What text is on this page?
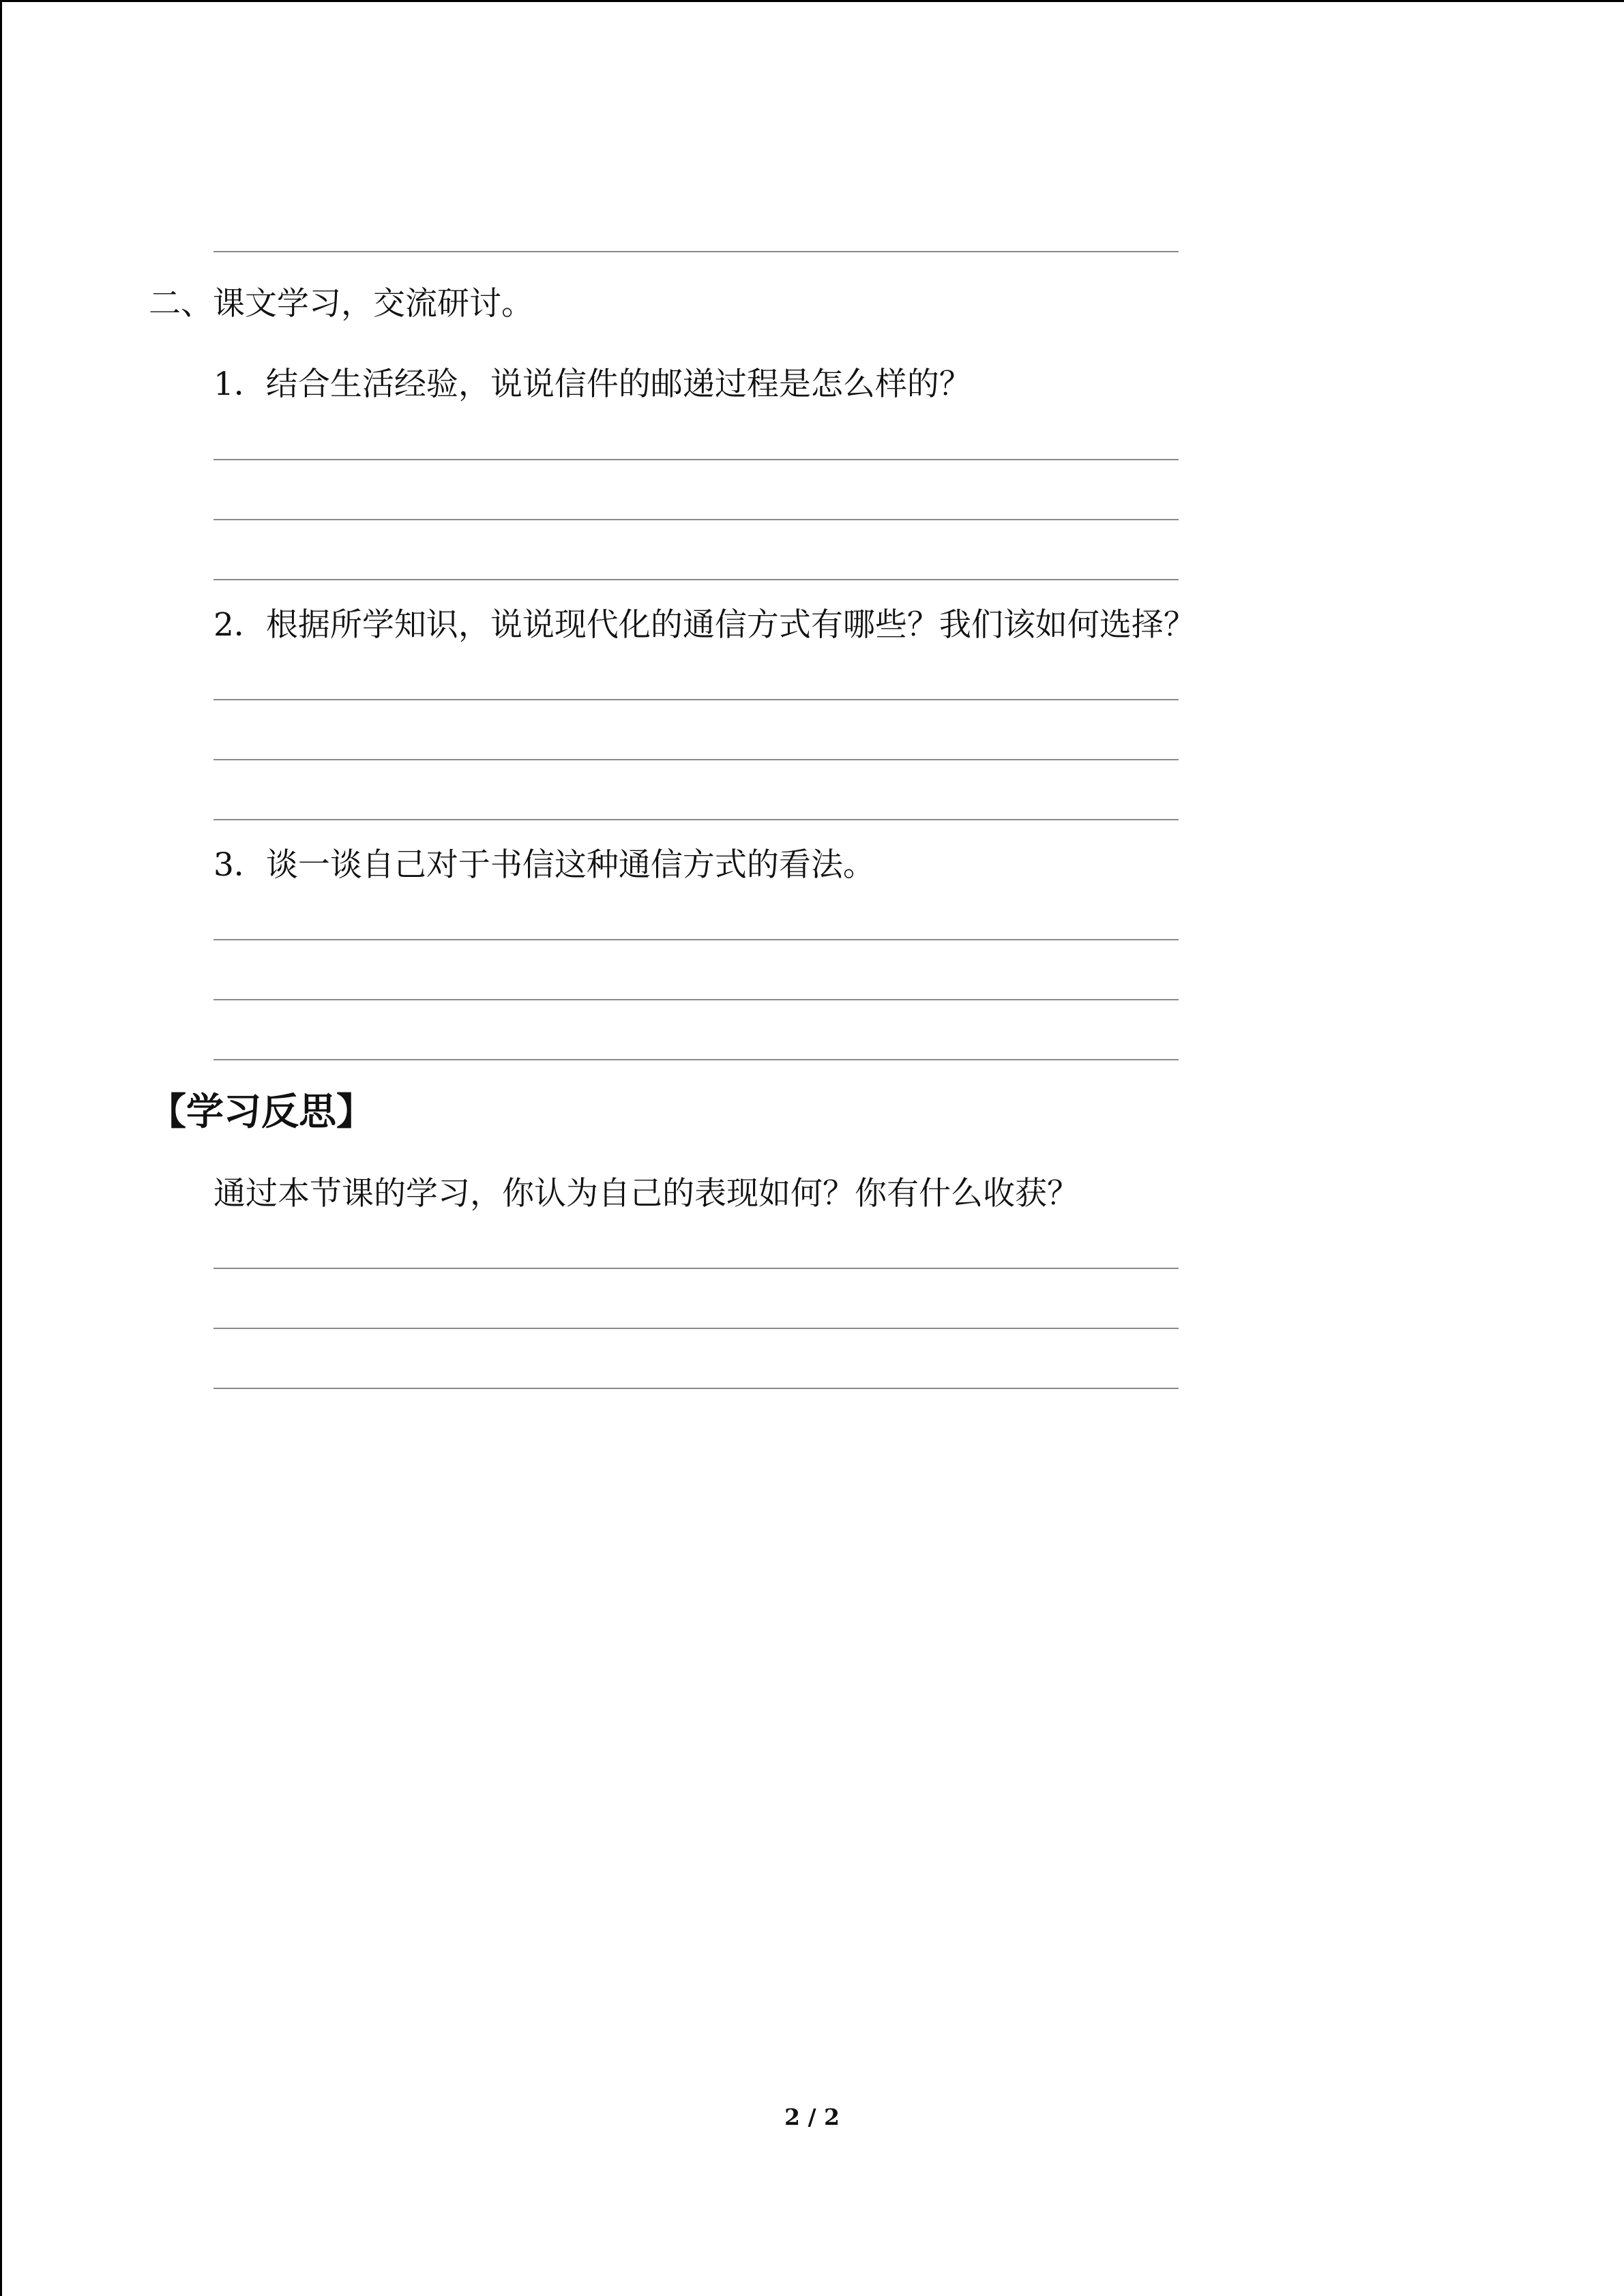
二、课文学习，交流研讨。
1．结合生活经验，说说信件的邮递过程是怎么样的？
2．根据所学知识，说说现代化的通信方式有哪些？我们该如何选择？
3．谈一谈自己对于书信这种通信方式的看法。
【学习反思】
通过本节课的学习，你认为自己的表现如何？你有什么收获？
2 / 2
